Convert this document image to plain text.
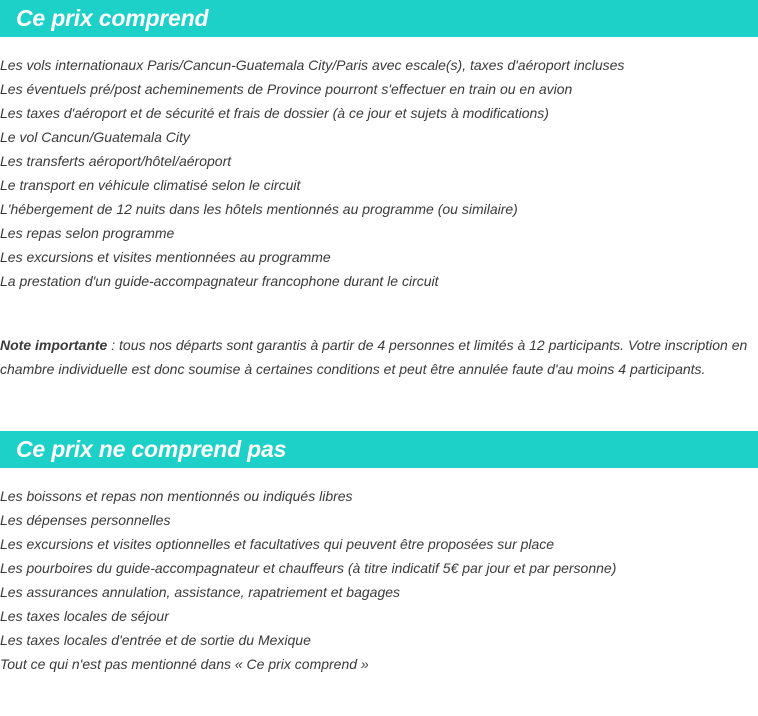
Ce prix comprend
Les vols internationaux Paris/Cancun-Guatemala City/Paris avec escale(s), taxes d'aéroport incluses
Les éventuels pré/post acheminements de Province pourront s'effectuer en train ou en avion
Les taxes d'aéroport et de sécurité et frais de dossier (à ce jour et sujets à modifications)
Le vol Cancun/Guatemala City
Les transferts aéroport/hôtel/aéroport
Le transport en véhicule climatisé selon le circuit
L'hébergement de 12 nuits dans les hôtels mentionnés au programme (ou similaire)
Les repas selon programme
Les excursions et visites mentionnées au programme
La prestation d'un guide-accompagnateur francophone durant le circuit

Note importante : tous nos départs sont garantis à partir de 4 personnes et limités à 12 participants. Votre inscription en chambre individuelle est donc soumise à certaines conditions et peut être annulée faute d'au moins 4 participants.

Ce prix ne comprend pas
Les boissons et repas non mentionnés ou indiqués libres
Les dépenses personnelles
Les excursions et visites optionnelles et facultatives qui peuvent être proposées sur place
Les pourboires du guide-accompagnateur et chauffeurs (à titre indicatif 5€ par jour et par personne)
Les assurances annulation, assistance, rapatriement et bagages
Les taxes locales de séjour
Les taxes locales d'entrée et de sortie du Mexique
Tout ce qui n'est pas mentionné dans « Ce prix comprend »
